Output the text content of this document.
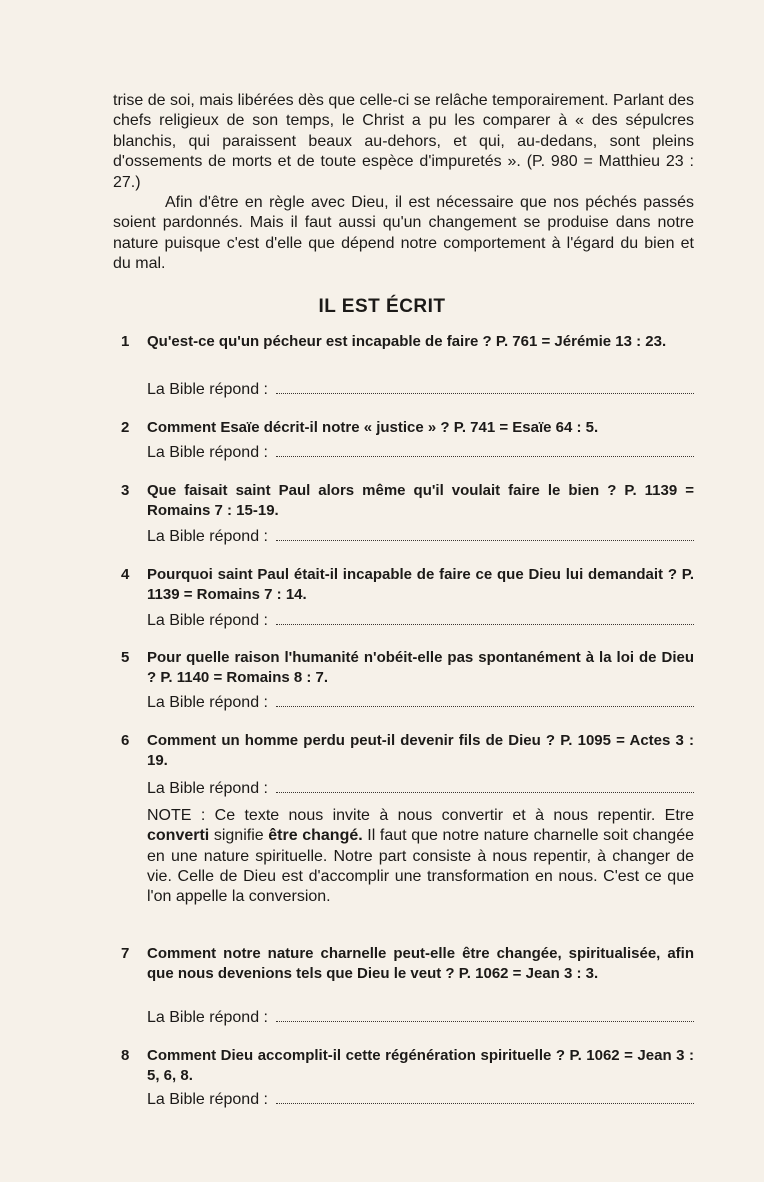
trise de soi, mais libérées dès que celle-ci se relâche temporairement. Parlant des chefs religieux de son temps, le Christ a pu les comparer à « des sépulcres blanchis, qui paraissent beaux au-dehors, et qui, au-dedans, sont pleins d'ossements de morts et de toute espèce d'impuretés ». (P. 980 = Matthieu 23 : 27.)

Afin d'être en règle avec Dieu, il est nécessaire que nos péchés passés soient pardonnés. Mais il faut aussi qu'un changement se produise dans notre nature puisque c'est d'elle que dépend notre comportement à l'égard du bien et du mal.

IL EST ÉCRIT
1 Qu'est-ce qu'un pécheur est incapable de faire ? P. 761 = Jérémie 13 : 23.
La Bible répond :
2 Comment Esaïe décrit-il notre « justice » ? P. 741 = Esaïe 64 : 5.
La Bible répond :
3 Que faisait saint Paul alors même qu'il voulait faire le bien ? P. 1139 = Romains 7 : 15-19.
La Bible répond :
4 Pourquoi saint Paul était-il incapable de faire ce que Dieu lui demandait ? P. 1139 = Romains 7 : 14.
La Bible répond :
5 Pour quelle raison l'humanité n'obéit-elle pas spontanément à la loi de Dieu ? P. 1140 = Romains 8 : 7.
La Bible répond :
6 Comment un homme perdu peut-il devenir fils de Dieu ? P. 1095 = Actes 3 : 19.
La Bible répond :
NOTE : Ce texte nous invite à nous convertir et à nous repentir. Etre converti signifie être changé. Il faut que notre nature charnelle soit changée en une nature spirituelle. Notre part consiste à nous repentir, à changer de vie. Celle de Dieu est d'accomplir une transformation en nous. C'est ce que l'on appelle la conversion.
7 Comment notre nature charnelle peut-elle être changée, spiritualisée, afin que nous devenions tels que Dieu le veut ? P. 1062 = Jean 3 : 3.
La Bible répond :
8 Comment Dieu accomplit-il cette régénération spirituelle ? P. 1062 = Jean 3 : 5, 6, 8.
La Bible répond :
